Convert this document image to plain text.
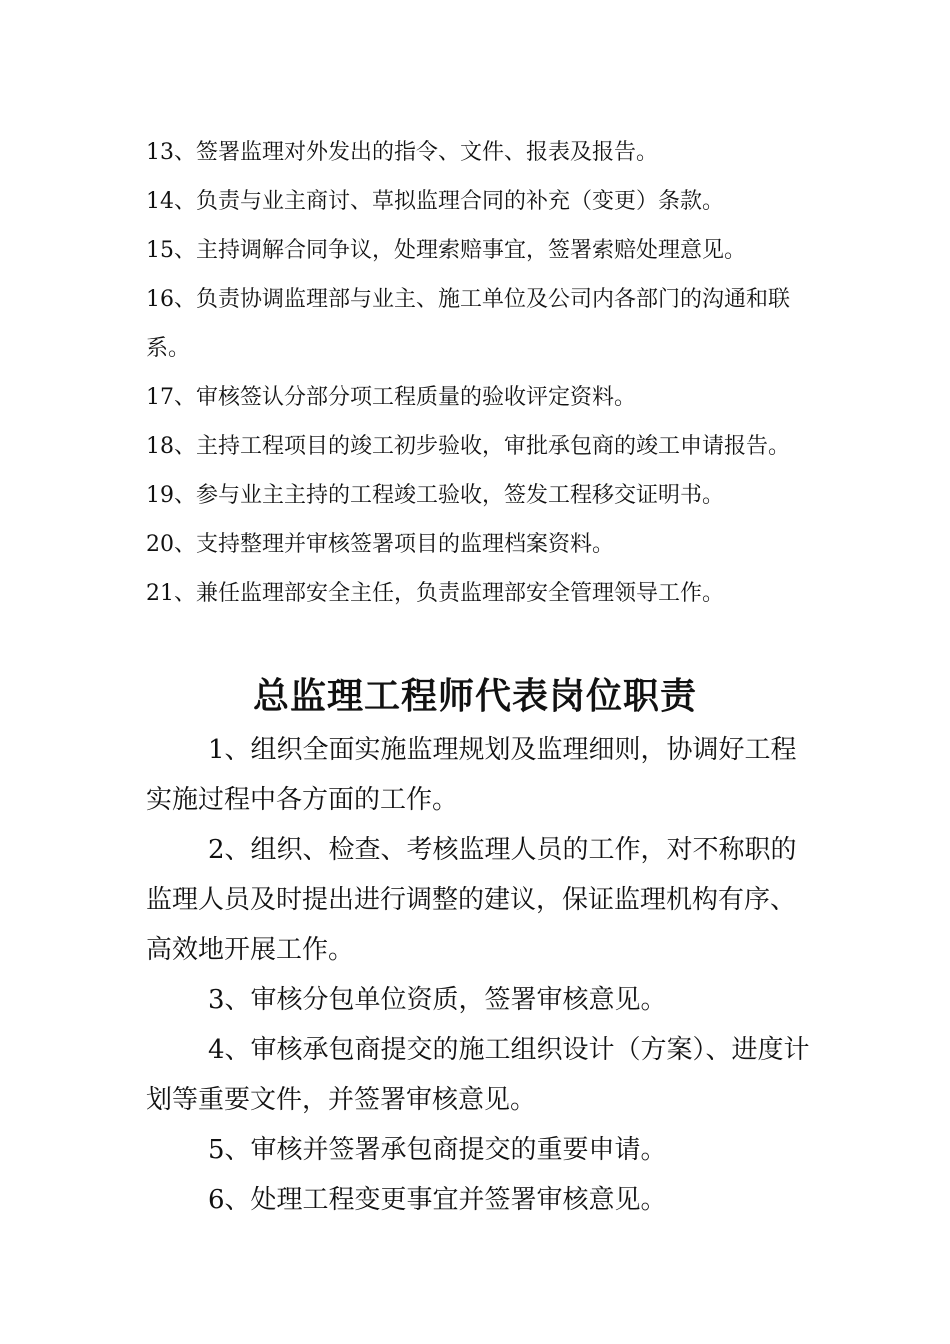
13、签署监理对外发出的指令、文件、报表及报告。

14、负责与业主商讨、草拟监理合同的补充（变更）条款。

15、主持调解合同争议，处理索赔事宜，签署索赔处理意见。

16、负责协调监理部与业主、施工单位及公司内各部门的沟通和联系。

17、审核签认分部分项工程质量的验收评定资料。

18、主持工程项目的竣工初步验收，审批承包商的竣工申请报告。

19、参与业主主持的工程竣工验收，签发工程移交证明书。

20、支持整理并审核签署项目的监理档案资料。

21、兼任监理部安全主任，负责监理部安全管理领导工作。

总监理工程师代表岗位职责

1、组织全面实施监理规划及监理细则，协调好工程实施过程中各方面的工作。

2、组织、检查、考核监理人员的工作，对不称职的监理人员及时提出进行调整的建议，保证监理机构有序、高效地开展工作。

3、审核分包单位资质，签署审核意见。

4、审核承包商提交的施工组织设计（方案）、进度计划等重要文件，并签署审核意见。

5、审核并签署承包商提交的重要申请。

6、处理工程变更事宜并签署审核意见。
